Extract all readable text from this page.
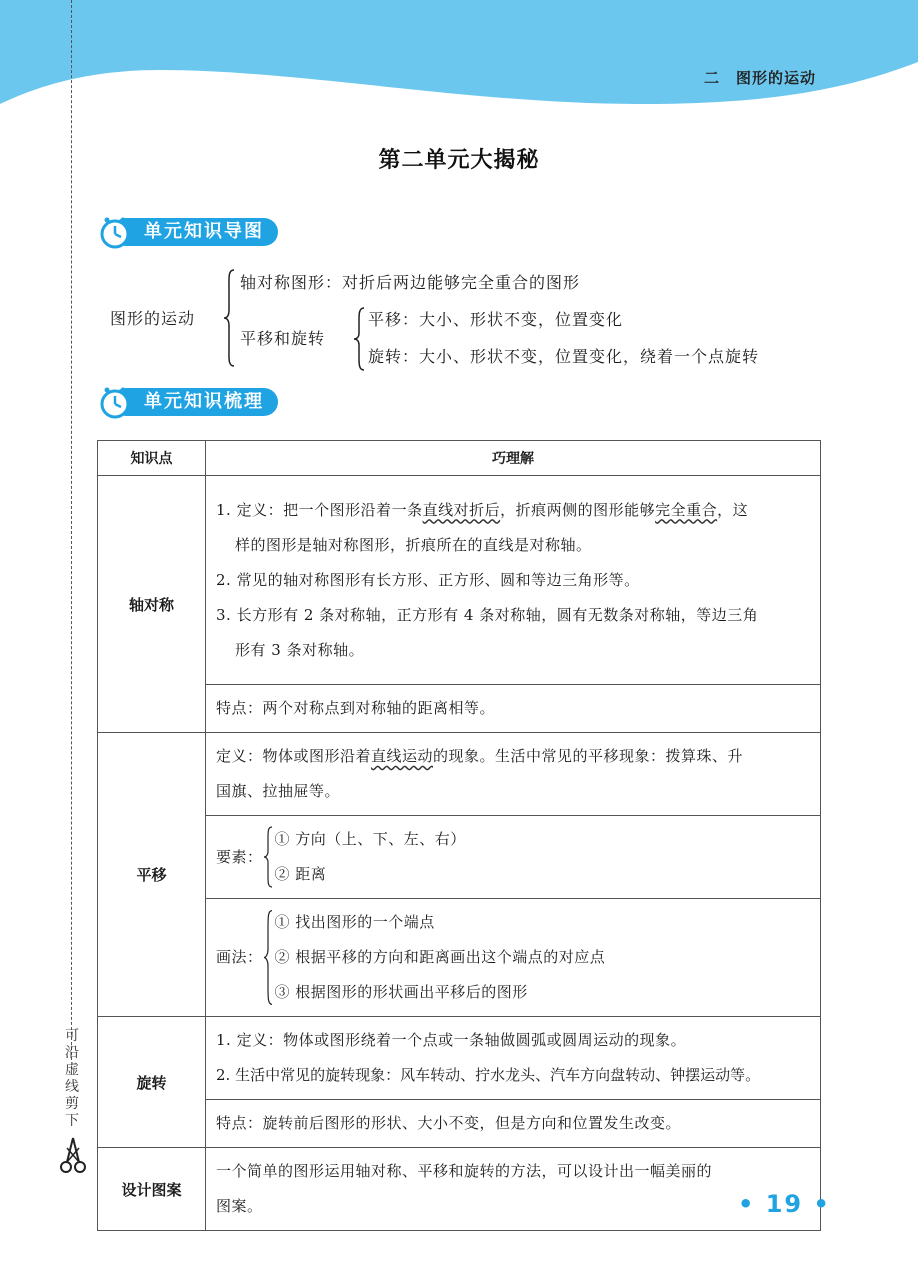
二　图形的运动
可
沿
虚
线
剪
下
第二单元大揭秘
单元知识导图
图形的运动
轴对称图形：对折后两边能够完全重合的图形
平移和旋转
平移：大小、形状不变，位置变化
旋转：大小、形状不变，位置变化，绕着一个点旋转
单元知识梳理
知识点	巧理解
轴对称	1. 定义：把一个图形沿着一条直线对折后，折痕两侧的图形能够完全重合，这
样的图形是轴对称图形，折痕所在的直线是对称轴。
2. 常见的轴对称图形有长方形、正方形、圆和等边三角形等。
3. 长方形有 2 条对称轴，正方形有 4 条对称轴，圆有无数条对称轴，等边三角
形有 3 条对称轴。

	特点：两个对称点到对称轴的距离相等。
平移	定义：物体或图形沿着直线运动的现象。生活中常见的平移现象：拨算珠、升
国旗、拉抽屉等。

	要素：
① 方向（上、下、左、右）
② 距离

	画法：
① 找出图形的一个端点
② 根据平移的方向和距离画出这个端点的对应点
③ 根据图形的形状画出平移后的图形

旋转	1. 定义：物体或图形绕着一个点或一条轴做圆弧或圆周运动的现象。
2. 生活中常见的旋转现象：风车转动、拧水龙头、汽车方向盘转动、钟摆运动等。

	特点：旋转前后图形的形状、大小不变，但是方向和位置发生改变。
设计图案	一个简单的图形运用轴对称、平移和旋转的方法，可以设计出一幅美丽的
图案。	• 19 •
